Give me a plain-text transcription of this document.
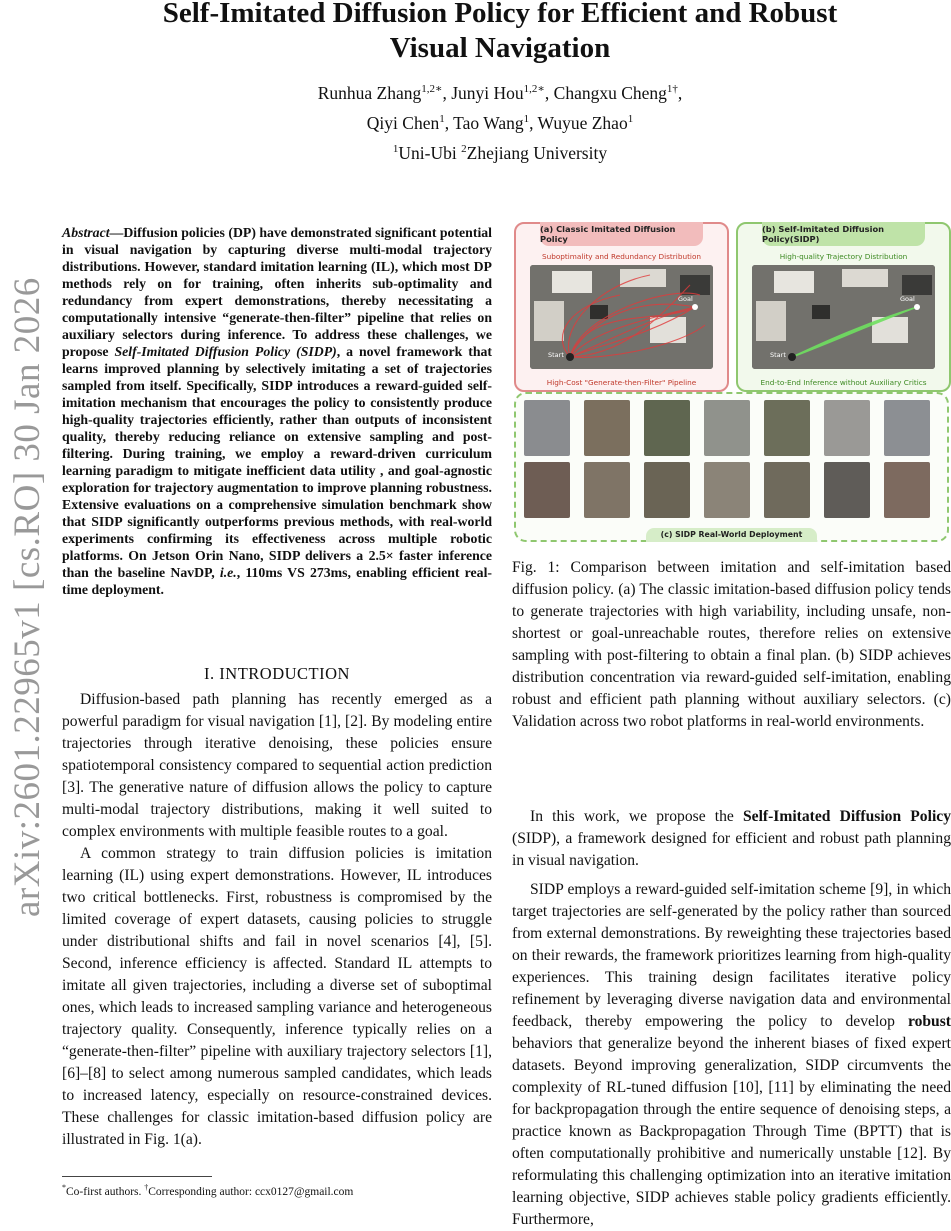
Self-Imitated Diffusion Policy for Efficient and Robust
Visual Navigation
Runhua Zhang$^{1,2∗}$, Junyi Hou$^{1,2∗}$, Changxu Cheng$^{1\dagger}$,
Qiyi Chen$^1$, Tao Wang$^1$, Wuyue Zhao$^1$
$^1$Uni-Ubi $^2$Zhejiang University
arXiv:2601.22965v1 [cs.RO] 30 Jan 2026
Abstract—Diffusion policies (DP) have demonstrated significant potential in visual navigation by capturing diverse multi-modal trajectory distributions. However, standard imitation learning (IL), which most DP methods rely on for training, often inherits sub-optimality and redundancy from expert demonstrations, thereby necessitating a computationally intensive “generate-then-filter” pipeline that relies on auxiliary selectors during inference. To address these challenges, we propose Self-Imitated Diffusion Policy (SIDP), a novel framework that learns improved planning by selectively imitating a set of trajectories sampled from itself. Specifically, SIDP introduces a reward-guided self-imitation mechanism that encourages the policy to consistently produce high-quality trajectories efficiently, rather than outputs of inconsistent quality, thereby reducing reliance on extensive sampling and post-filtering. During training, we employ a reward-driven curriculum learning paradigm to mitigate inefficient data utility , and goal-agnostic exploration for trajectory augmentation to improve planning robustness. Extensive evaluations on a comprehensive simulation benchmark show that SIDP significantly outperforms previous methods, with real-world experiments confirming its effectiveness across multiple robotic platforms. On Jetson Orin Nano, SIDP delivers a 2.5× faster inference than the baseline NavDP, i.e., 110ms VS 273ms, enabling efficient real-time deployment.
I. INTRODUCTION

Diffusion-based path planning has recently emerged as a powerful paradigm for visual navigation [1], [2]. By modeling entire trajectories through iterative denoising, these policies ensure spatiotemporal consistency compared to sequential action prediction [3]. The generative nature of diffusion allows the policy to capture multi-modal trajectory distributions, making it well suited to complex environments with multiple feasible routes to a goal.

A common strategy to train diffusion policies is imitation learning (IL) using expert demonstrations. However, IL introduces two critical bottlenecks. First, robustness is compromised by the limited coverage of expert datasets, causing policies to struggle under distributional shifts and fail in novel scenarios [4], [5]. Second, inference efficiency is affected. Standard IL attempts to imitate all given trajectories, including a diverse set of suboptimal ones, which leads to increased sampling variance and heterogeneous trajectory quality. Consequently, inference typically relies on a “generate-then-filter” pipeline with auxiliary trajectory selectors [1], [6]–[8] to select among numerous sampled candidates, which leads to increased latency, especially on resource-constrained devices. These challenges for classic imitation-based diffusion policy are illustrated in Fig. 1(a).

*Co-first authors. †Corresponding author: ccx0127@gmail.com
(a) Classic Imitated Diffusion Policy
Suboptimality and Redundancy Distribution
Goal
Start
High-Cost "Generate-then-Filter" Pipeline
(b) Self-Imitated Diffusion Policy(SIDP)
High-quality Trajectory Distribution
Goal
Start
End-to-End Inference without Auxiliary Critics
(c) SIDP Real-World Deployment
Fig. 1: Comparison between imitation and self-imitation based diffusion policy. (a) The classic imitation-based diffusion policy tends to generate trajectories with high variability, including unsafe, non-shortest or goal-unreachable routes, therefore relies on extensive sampling with post-filtering to obtain a final plan. (b) SIDP achieves distribution concentration via reward-guided self-imitation, enabling robust and efficient path planning without auxiliary selectors. (c) Validation across two robot platforms in real-world environments.

In this work, we propose the Self-Imitated Diffusion Policy (SIDP), a framework designed for efficient and robust path planning in visual navigation.

SIDP employs a reward-guided self-imitation scheme [9], in which target trajectories are self-generated by the policy rather than sourced from external demonstrations. By reweighting these trajectories based on their rewards, the framework prioritizes learning from high-quality experiences. This training design facilitates iterative policy refinement by leveraging diverse navigation data and environmental feedback, thereby empowering the policy to develop robust behaviors that generalize beyond the inherent biases of fixed expert datasets. Beyond improving generalization, SIDP circumvents the complexity of RL-tuned diffusion [10], [11] by eliminating the need for backpropagation through the entire sequence of denoising steps, a practice known as Backpropagation Through Time (BPTT) that is often computationally prohibitive and numerically unstable [12]. By reformulating this challenging optimization into an iterative imitation learning objective, SIDP achieves stable policy gradients efficiently. Furthermore,
